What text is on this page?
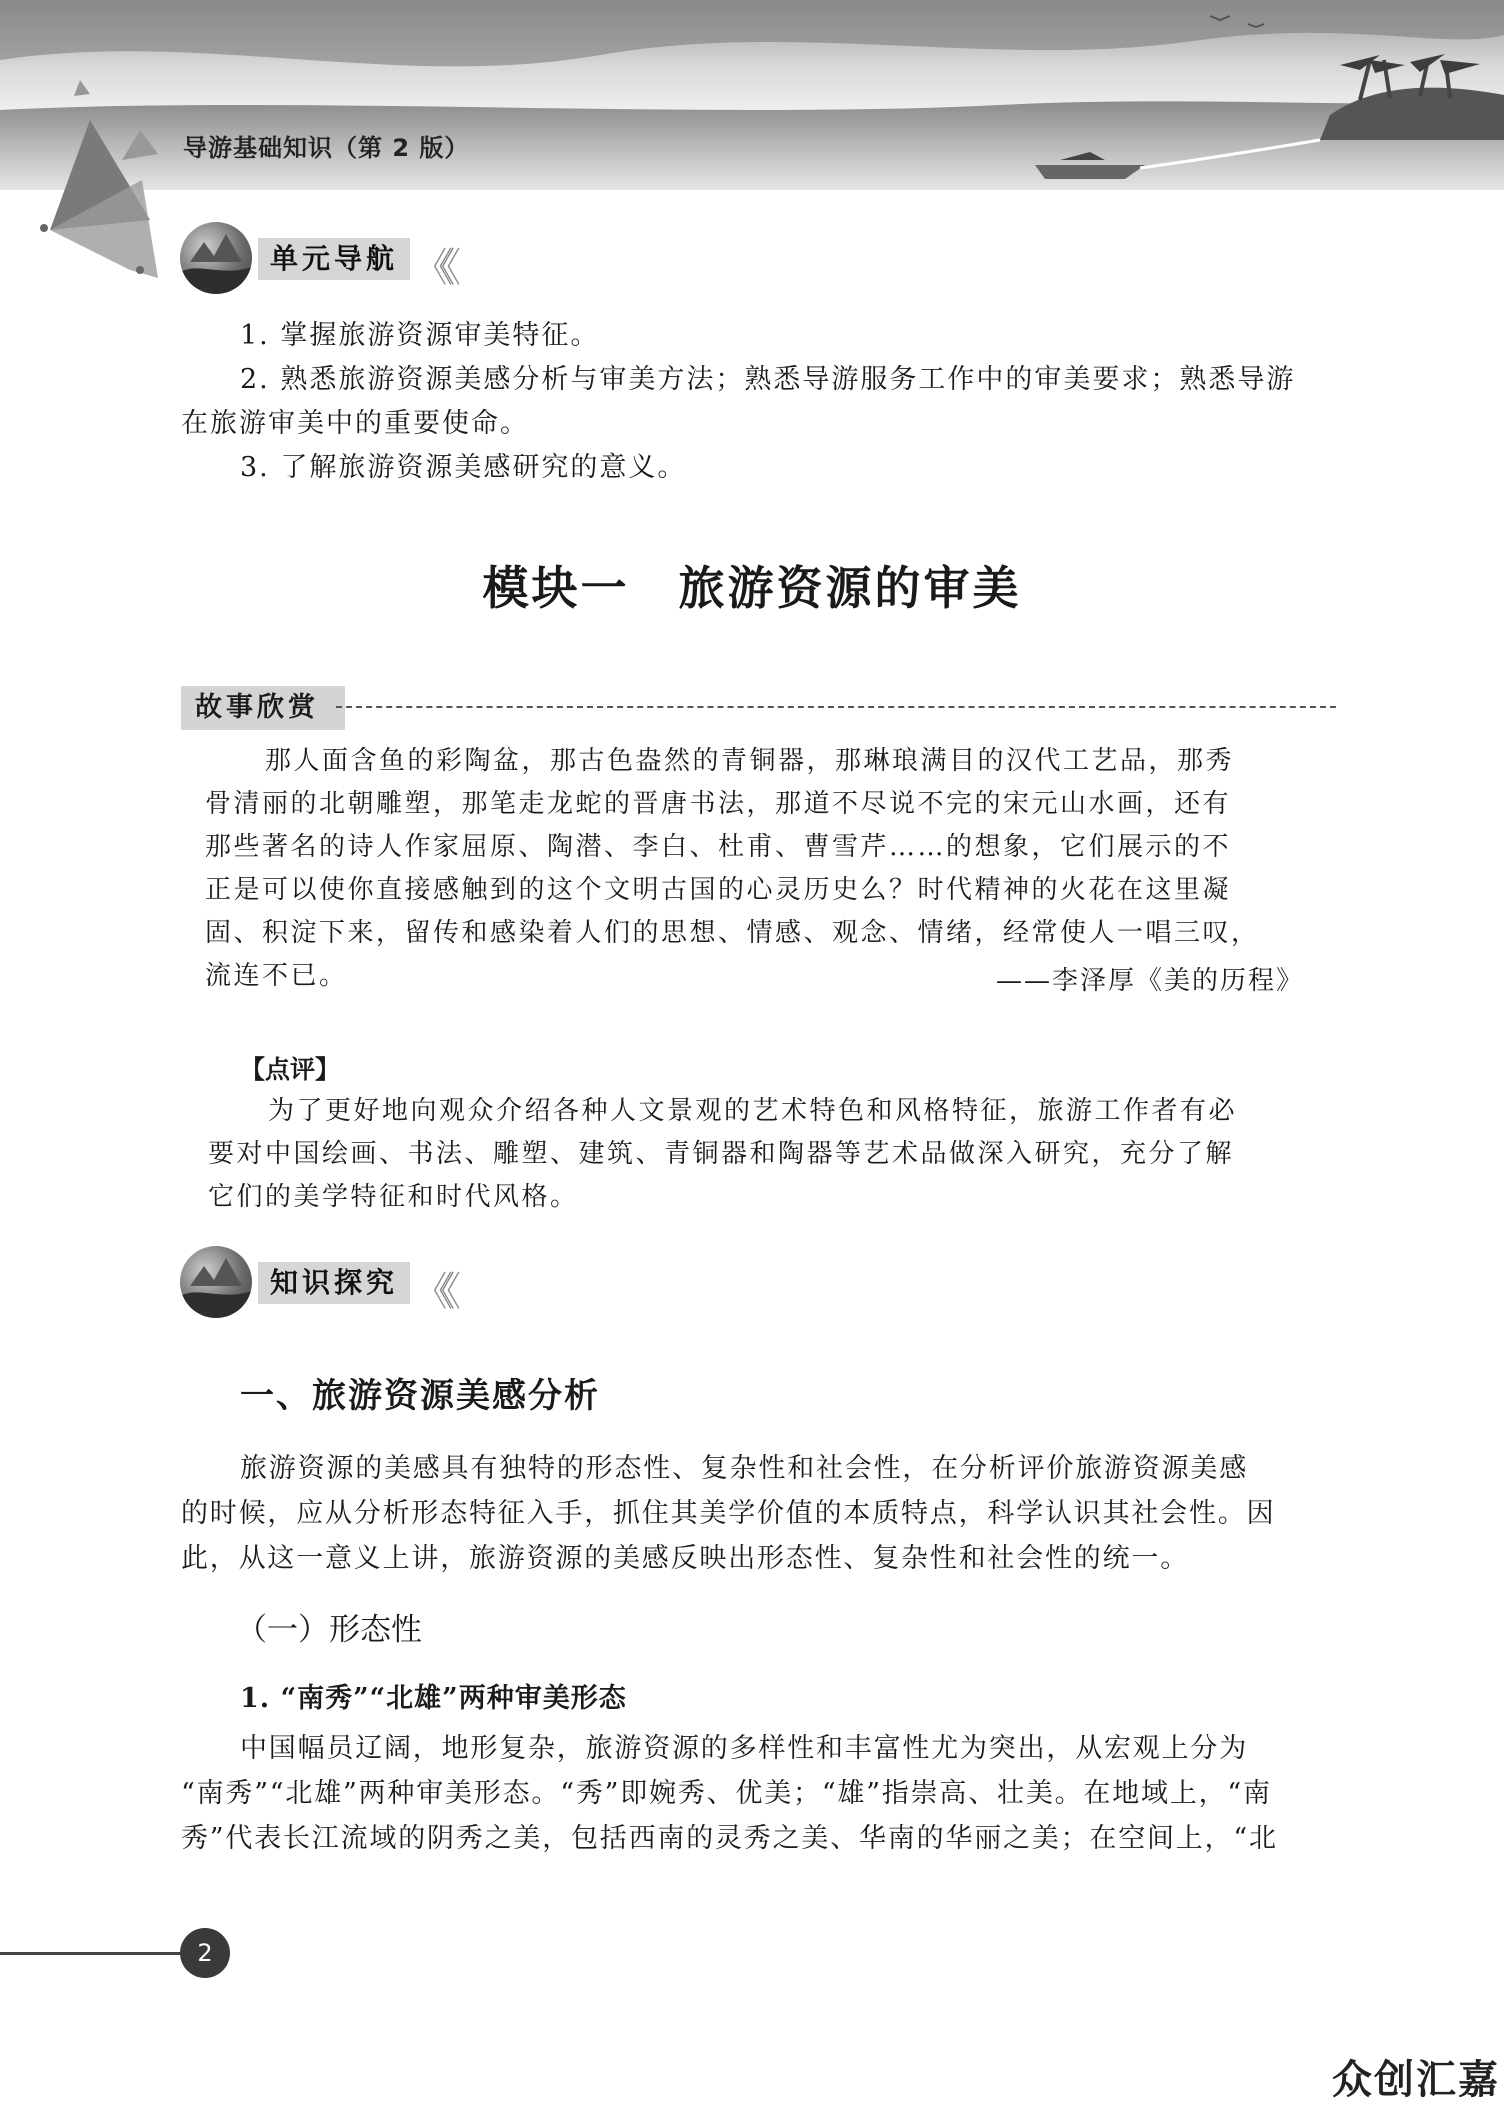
导游基础知识（第 2 版）
单元导航 《《
1. 掌握旅游资源审美特征。
2. 熟悉旅游资源美感分析与审美方法；熟悉导游服务工作中的审美要求；熟悉导游
在旅游审美中的重要使命。
3. 了解旅游资源美感研究的意义。
模块一　旅游资源的审美
故事欣赏
那人面含鱼的彩陶盆，那古色盎然的青铜器，那琳琅满目的汉代工艺品，那秀
骨清丽的北朝雕塑，那笔走龙蛇的晋唐书法，那道不尽说不完的宋元山水画，还有
那些著名的诗人作家屈原、陶潜、李白、杜甫、曹雪芹……的想象，它们展示的不
正是可以使你直接感触到的这个文明古国的心灵历史么？时代精神的火花在这里凝
固、积淀下来，留传和感染着人们的思想、情感、观念、情绪，经常使人一唱三叹，
流连不已。	——李泽厚《美的历程》
【点评】
为了更好地向观众介绍各种人文景观的艺术特色和风格特征，旅游工作者有必
要对中国绘画、书法、雕塑、建筑、青铜器和陶器等艺术品做深入研究，充分了解
它们的美学特征和时代风格。
知识探究 《《
一、旅游资源美感分析
旅游资源的美感具有独特的形态性、复杂性和社会性，在分析评价旅游资源美感
的时候，应从分析形态特征入手，抓住其美学价值的本质特点，科学认识其社会性。因
此，从这一意义上讲，旅游资源的美感反映出形态性、复杂性和社会性的统一。
（一）形态性
1. “南秀”“北雄”两种审美形态
中国幅员辽阔，地形复杂，旅游资源的多样性和丰富性尤为突出，从宏观上分为
“南秀”“北雄”两种审美形态。“秀”即婉秀、优美；“雄”指崇高、壮美。在地域上，“南
秀”代表长江流域的阴秀之美，包括西南的灵秀之美、华南的华丽之美；在空间上，“北
2
众创汇嘉
